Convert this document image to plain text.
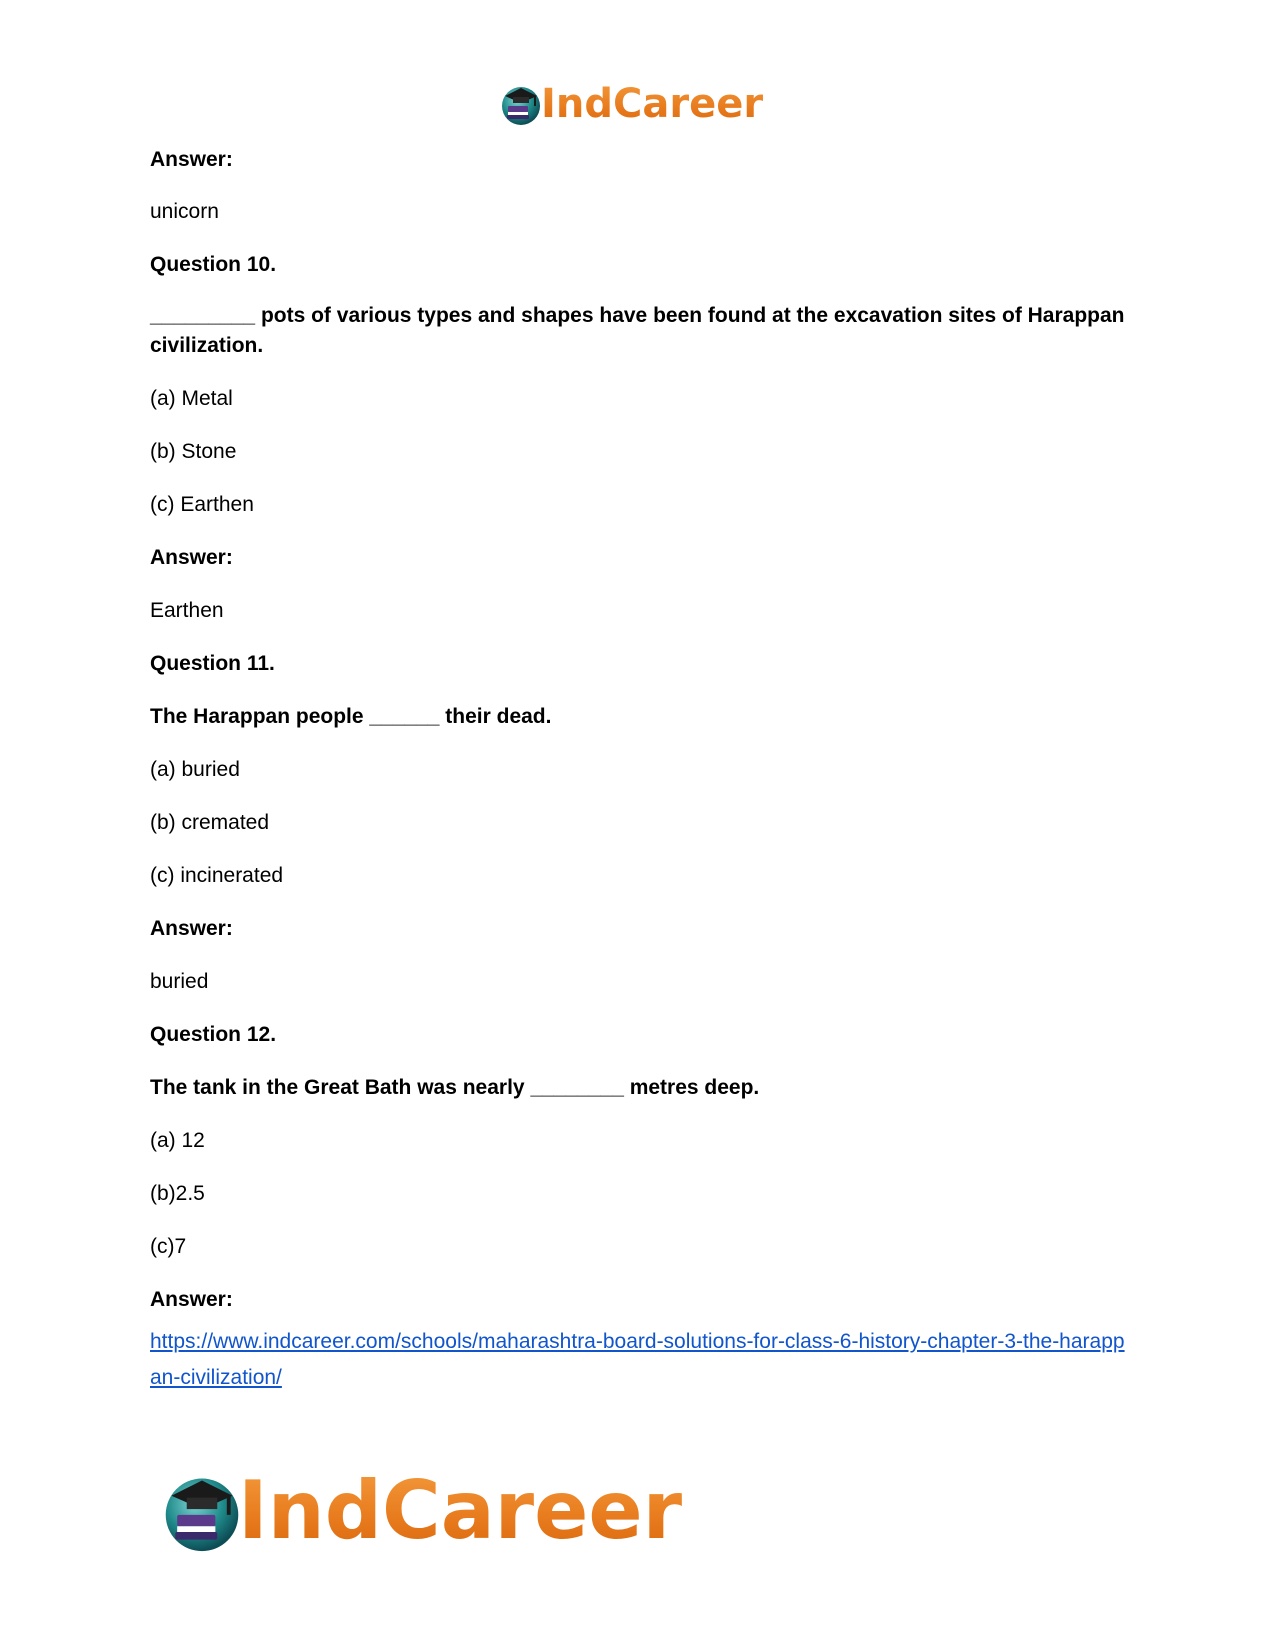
IndCareer

Answer:

unicorn

Question 10.

_________ pots of various types and shapes have been found at the excavation sites of Harappan civilization.

(a) Metal

(b) Stone

(c) Earthen

Answer:

Earthen

Question 11.

The Harappan people ______ their dead.

(a) buried

(b) cremated

(c) incinerated

Answer:

buried

Question 12.

The tank in the Great Bath was nearly ________ metres deep.

(a) 12

(b)2.5

(c)7

Answer:

https://www.indcareer.com/schools/maharashtra-board-solutions-for-class-6-history-chapter-3-the-harappan-civilization/

IndCareer
